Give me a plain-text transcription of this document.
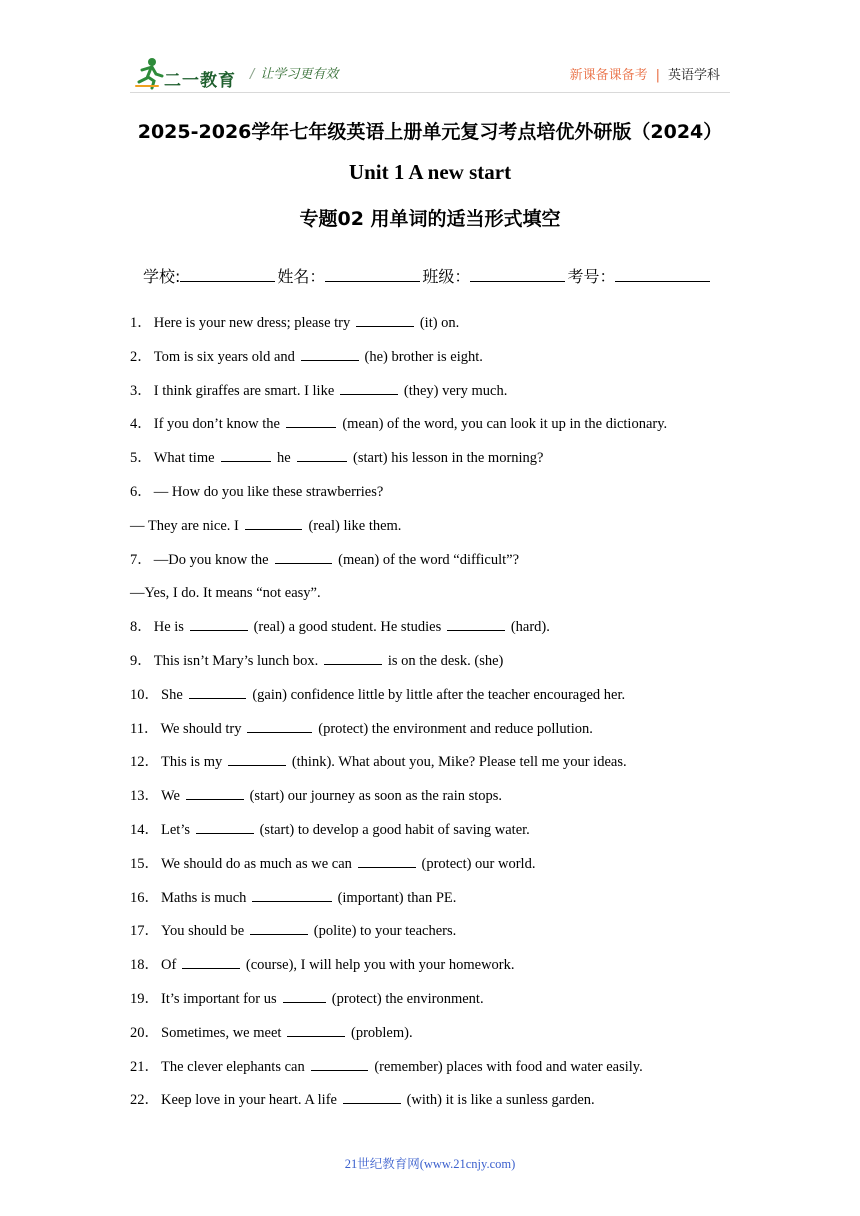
二一教育 / 让学习更有效	新课备课备考 | 英语学科
2025-2026学年七年级英语上册单元复习考点培优外研版（2024）
Unit 1 A new start
专题02 用单词的适当形式填空
学校:	姓名：	班级：	考号：
1． Here is your new dress; please try	(it) on.
2． Tom is six years old and	(he) brother is eight.
3． I think giraffes are smart. I like	(they) very much.
4． If you don’t know the	(mean) of the word, you can look it up in the dictionary.
5． What time	he	(start) his lesson in the morning?
6． — How do you like these strawberries?
— They are nice. I	(real) like them.
7． —Do you know the	(mean) of the word “difficult”?
—Yes, I do. It means “not easy”.
8． He is	(real) a good student. He studies	(hard).
9． This isn’t Mary’s lunch box.	is on the desk. (she)
10． She	(gain) confidence little by little after the teacher encouraged her.
11． We should try	(protect) the environment and reduce pollution.
12． This is my	(think). What about you, Mike? Please tell me your ideas.
13． We	(start) our journey as soon as the rain stops.
14． Let’s	(start) to develop a good habit of saving water.
15． We should do as much as we can	(protect) our world.
16． Maths is much	(important) than PE.
17． You should be	(polite) to your teachers.
18． Of	(course), I will help you with your homework.
19． It’s important for us	(protect) the environment.
20． Sometimes, we meet	(problem).
21． The clever elephants can	(remember) places with food and water easily.
22． Keep love in your heart. A life	(with) it is like a sunless garden.
21世纪教育网(www.21cnjy.com)
